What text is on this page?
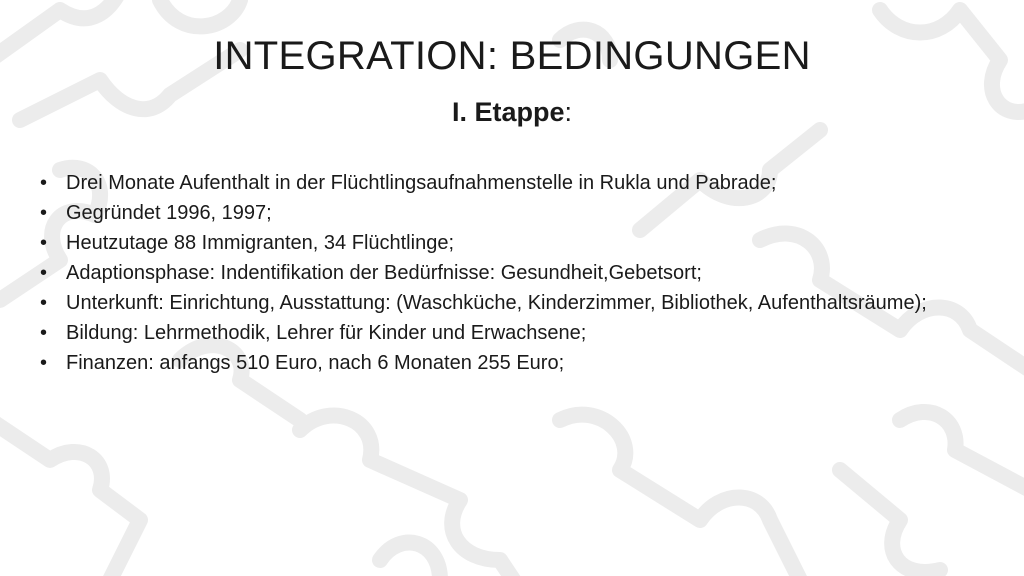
INTEGRATION: BEDINGUNGEN
I. Etappe:
• Drei Monate Aufenthalt in der Flüchtlingsaufnahmenstelle in Rukla und Pabrade;
• Gegründet 1996, 1997;
• Heutzutage 88 Immigranten, 34 Flüchtlinge;
• Adaptionsphase: Indentifikation der Bedürfnisse: Gesundheit,Gebetsort;
• Unterkunft: Einrichtung, Ausstattung: (Waschküche, Kinderzimmer, Bibliothek, Aufenthaltsräume);
• Bildung: Lehrmethodik, Lehrer für Kinder und Erwachsene;
• Finanzen: anfangs 510 Euro, nach 6 Monaten 255 Euro;
